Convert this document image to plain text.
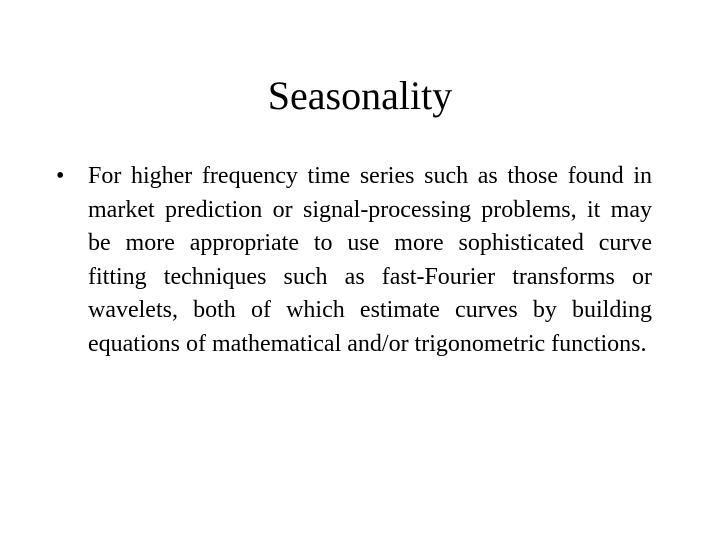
Seasonality
• For higher frequency time series such as those found in market prediction or signal-processing problems, it may be more appropriate to use more sophisticated curve fitting techniques such as fast-Fourier transforms or wavelets, both of which estimate curves by building equations of mathematical and/or trigonometric functions.
